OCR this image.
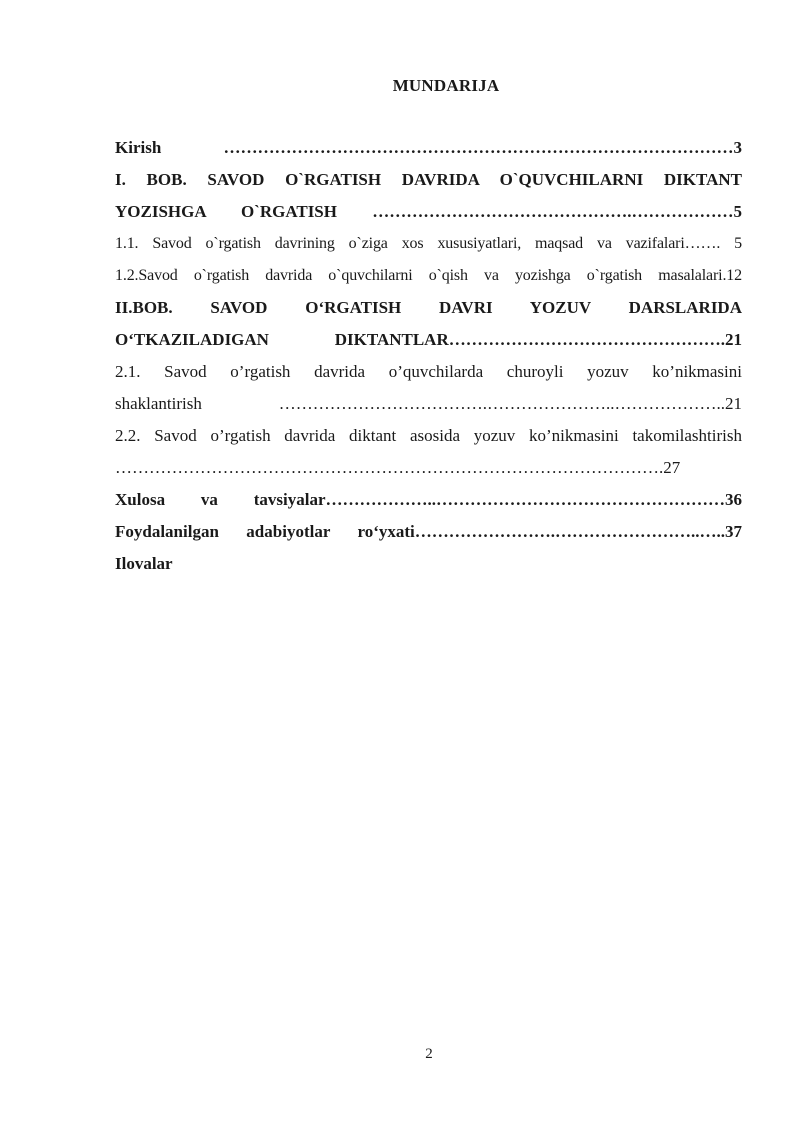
MUNDARIJA
Kirish ………………………………………………………………………………3
I. BOB. SAVOD O`RGATISH DAVRIDA O`QUVCHILARNI DIKTANT
YOZISHGA O`RGATISH ……………………………………….………………5
1.1. Savod o`rgatish davrining o`ziga xos xususiyatlari, maqsad va vazifalari……. 5
1.2.Savod o`rgatish davrida o`quvchilarni o`qish va yozishga o`rgatish masalalari.12
II.BOB. SAVOD O‘RGATISH DAVRI YOZUV DARSLARIDA
O‘TKAZILADIGAN DIKTANTLAR………………………………………….21
2.1. Savod o’rgatish davrida o’quvchilarda churoyli yozuv ko’nikmasini
shaklantirish ……………………………….…………………..………………..21
2.2. Savod o’rgatish davrida diktant asosida yozuv ko’nikmasini takomilashtirish
…………………………………………………………………………………….27
Xulosa va tavsiyalar………………..……………………………………………36
Foydalanilgan adabiyotlar ro‘yxati…………………….……………………..…..37
Ilovalar
2
